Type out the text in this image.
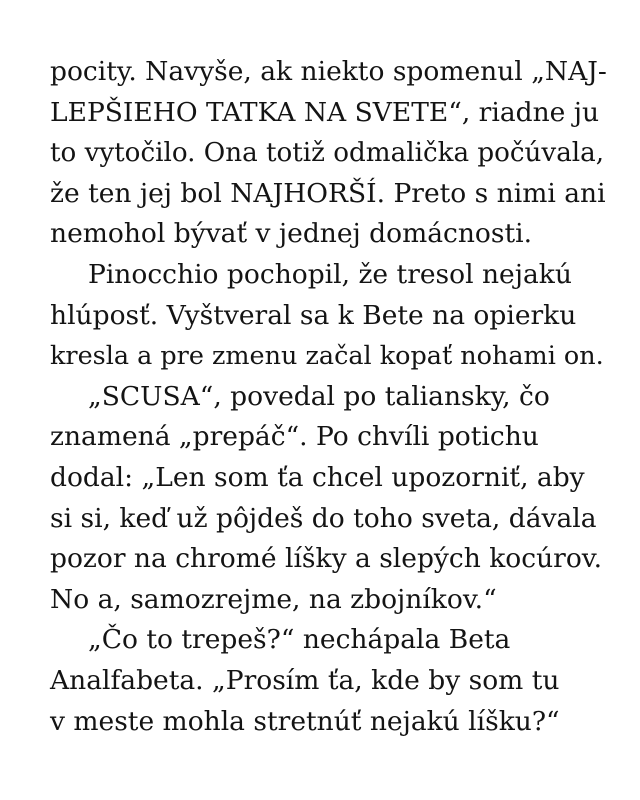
pocity. Navyše, ak niekto spomenul „NAJ-
LEPŠIEHO TATKA NA SVETE“, riadne ju
to vytočilo. Ona totiž odmalička počúvala,
že ten jej bol NAJHORŠÍ. Preto s nimi ani
nemohol bývať v jednej domácnosti.
Pinocchio pochopil, že tresol nejakú
hlúposť. Vyštveral sa k Bete na opierku
kresla a pre zmenu začal kopať nohami on.
„SCUSA“, povedal po taliansky, čo
znamená „prepáč“. Po chvíli potichu
dodal: „Len som ťa chcel upozorniť, aby
si si, keď už pôjdeš do toho sveta, dávala
pozor na chromé líšky a slepých kocúrov.
No a, samozrejme, na zbojníkov.“
„Čo to trepeš?“ nechápala Beta
Analfabeta. „Prosím ťa, kde by som tu
v meste mohla stretnúť nejakú líšku?“
